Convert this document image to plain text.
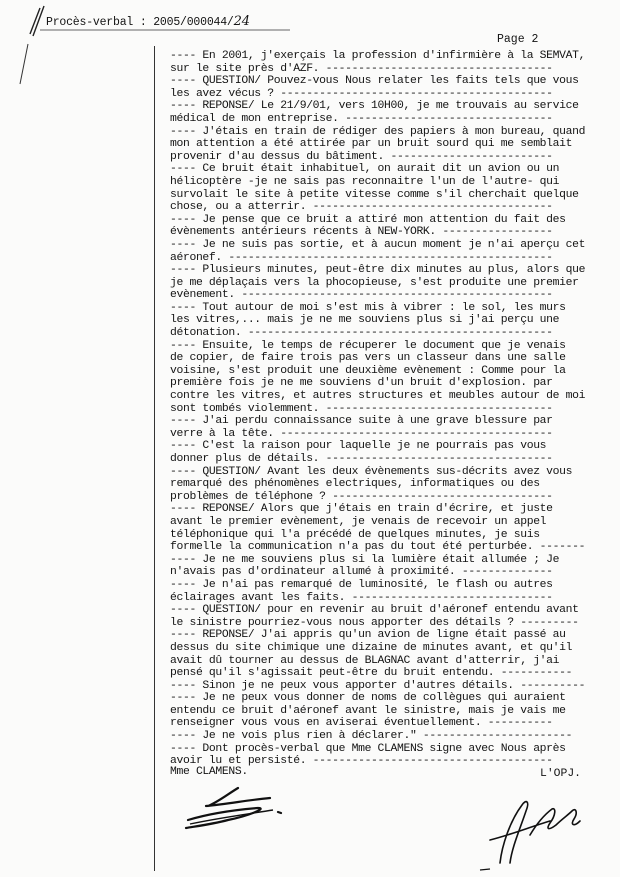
Procès-verbal : 2005/000044/24
Page 2

---- En 2001, j'exerçais la profession d'infirmière à la SEMVAT,
sur le site près d'AZF. -----------------------------------

---- QUESTION/ Pouvez-vous Nous relater les faits tels que vous
les avez vécus ? ------------------------------------------

---- REPONSE/ Le 21/9/01, vers 10H00, je me trouvais au service
médical de mon entreprise. --------------------------------

---- J'étais en train de rédiger des papiers à mon bureau, quand
mon attention a été attirée par un bruit sourd qui me semblait
provenir d'au dessus du bâtiment. -------------------------

---- Ce bruit était inhabituel, on aurait dit un avion ou un
hélicoptère -je ne sais pas reconnaitre l'un de l'autre- qui
survolait le site à petite vitesse comme s'il cherchait quelque
chose, ou a atterrir. -------------------------------------

---- Je pense que ce bruit a attiré mon attention du fait des
évènements antérieurs récents à NEW-YORK. -----------------

---- Je ne suis pas sortie, et à aucun moment je n'ai aperçu cet
aéronef. --------------------------------------------------

---- Plusieurs minutes, peut-être dix minutes au plus, alors que
je me déplaçais vers la phocopieuse, s'est produite une premier
evènement. ------------------------------------------------

---- Tout autour de moi s'est mis à vibrer : le sol, les murs
les vitres,... mais je ne me souviens plus si j'ai perçu une
détonation. -----------------------------------------------

---- Ensuite, le temps de récuperer le document que je venais
de copier, de faire trois pas vers un classeur dans une salle
voisine, s'est produit une deuxième evènement : Comme pour la
première fois je ne me souviens d'un bruit d'explosion. par
contre les vitres, et autres structures et meubles autour de moi
sont tombés violemment. -----------------------------------

---- J'ai perdu connaissance suite à une grave blessure par
verre à la tête. ------------------------------------------

---- C'est la raison pour laquelle je ne pourrais pas vous
donner plus de détails. -----------------------------------

---- QUESTION/ Avant les deux évènements sus-décrits avez vous
remarqué des phénomènes electriques, informatiques ou des
problèmes de téléphone ? ----------------------------------

---- REPONSE/ Alors que j'étais en train d'écrire, et juste
avant le premier evènement, je venais de recevoir un appel
téléphonique qui l'a précédé de quelques minutes, je suis
formelle la communication n'a pas du tout été perturbée. -------

---- Je ne me souviens plus si la lumière était allumée ; Je
n'avais pas d'ordinateur allumé à proximité. --------------

---- Je n'ai pas remarqué de luminosité, le flash ou autres
éclairages avant les faits. -------------------------------

---- QUESTION/ pour en revenir au bruit d'aéronef entendu avant
le sinistre pourriez-vous nous apporter des détails ? ---------

---- REPONSE/ J'ai appris qu'un avion de ligne était passé au
dessus du site chimique une dizaine de minutes avant, et qu'il
avait dû tourner au dessus de BLAGNAC avant d'atterrir, j'ai
pensé qu'il s'agissait peut-être du bruit entendu. -----------

---- Sinon je ne peux vous apporter d'autres détails. ----------

---- Je ne peux vous donner de noms de collègues qui auraient
entendu ce bruit d'aéronef avant le sinistre, mais je vais me
renseigner vous vous en aviserai éventuellement. ----------

---- Je ne vois plus rien à déclarer." -----------------------

---- Dont procès-verbal que Mme CLAMENS signe avec Nous après
avoir lu et persisté. -------------------------------------

Mme CLAMENS.	L'OPJ.
